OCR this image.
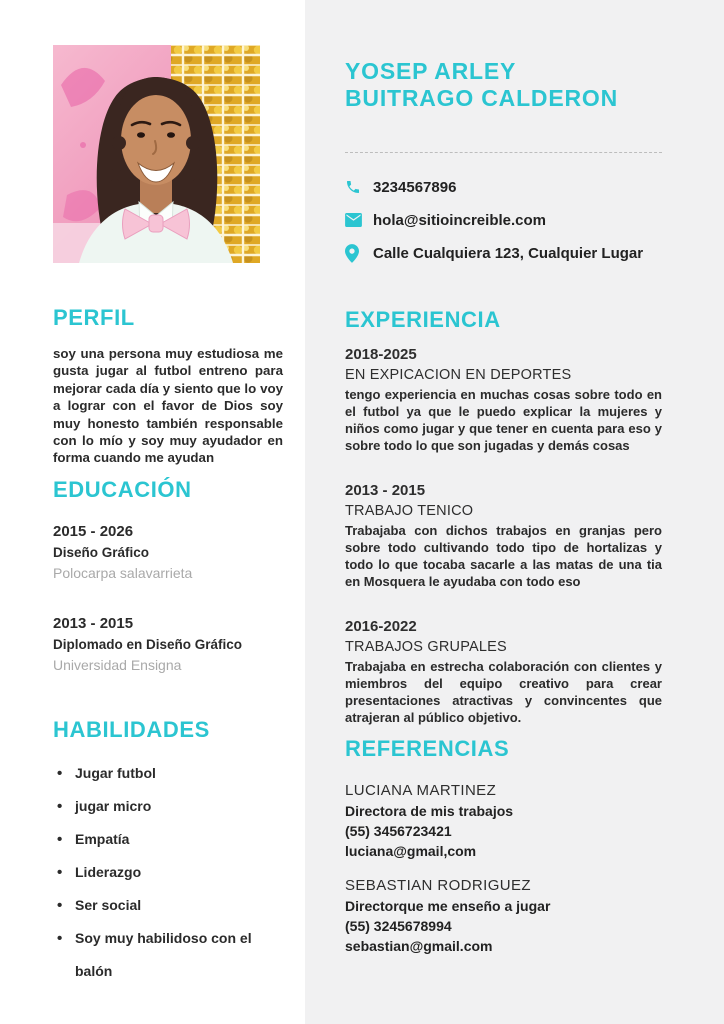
PERFIL

soy una persona muy estudiosa me gusta jugar al futbol entreno para mejorar cada día y siento que lo voy a lograr con el favor de Dios soy muy honesto también responsable con lo mío y soy muy ayudador en forma cuando me ayudan

EDUCACIÓN
2015 - 2026
Diseño Gráfico
Polocarpa salavarrieta
2013 - 2015
Diplomado en Diseño Gráfico
Universidad Ensigna
HABILIDADES
• Jugar futbol
• jugar micro
• Empatía
• Liderazgo
• Ser social
• Soy muy habilidoso con el balón
YOSEP ARLEY
BUITRAGO CALDERON
3234567896
hola@sitioincreible.com
Calle Cualquiera 123, Cualquier Lugar
EXPERIENCIA
2018-2025
EN EXPICACION EN DEPORTES

tengo experiencia en muchas cosas sobre todo en el futbol ya que le puedo explicar la mujeres y niños como jugar y que tener en cuenta para eso y sobre todo lo que son jugadas y demás cosas

2013 - 2015
TRABAJO TENICO

Trabajaba con dichos trabajos en granjas pero sobre todo cultivando todo tipo de hortalizas y todo lo que tocaba sacarle a las matas de una tia en Mosquera le ayudaba con todo eso

2016-2022
TRABAJOS GRUPALES

Trabajaba en estrecha colaboración con clientes y miembros del equipo creativo para crear presentaciones atractivas y convincentes que atrajeran al público objetivo.

REFERENCIAS
LUCIANA MARTINEZ
Directora de mis trabajos
(55) 3456723421
luciana@gmail,com
SEBASTIAN RODRIGUEZ
Directorque me enseño a jugar
(55) 3245678994
sebastian@gmail.com
